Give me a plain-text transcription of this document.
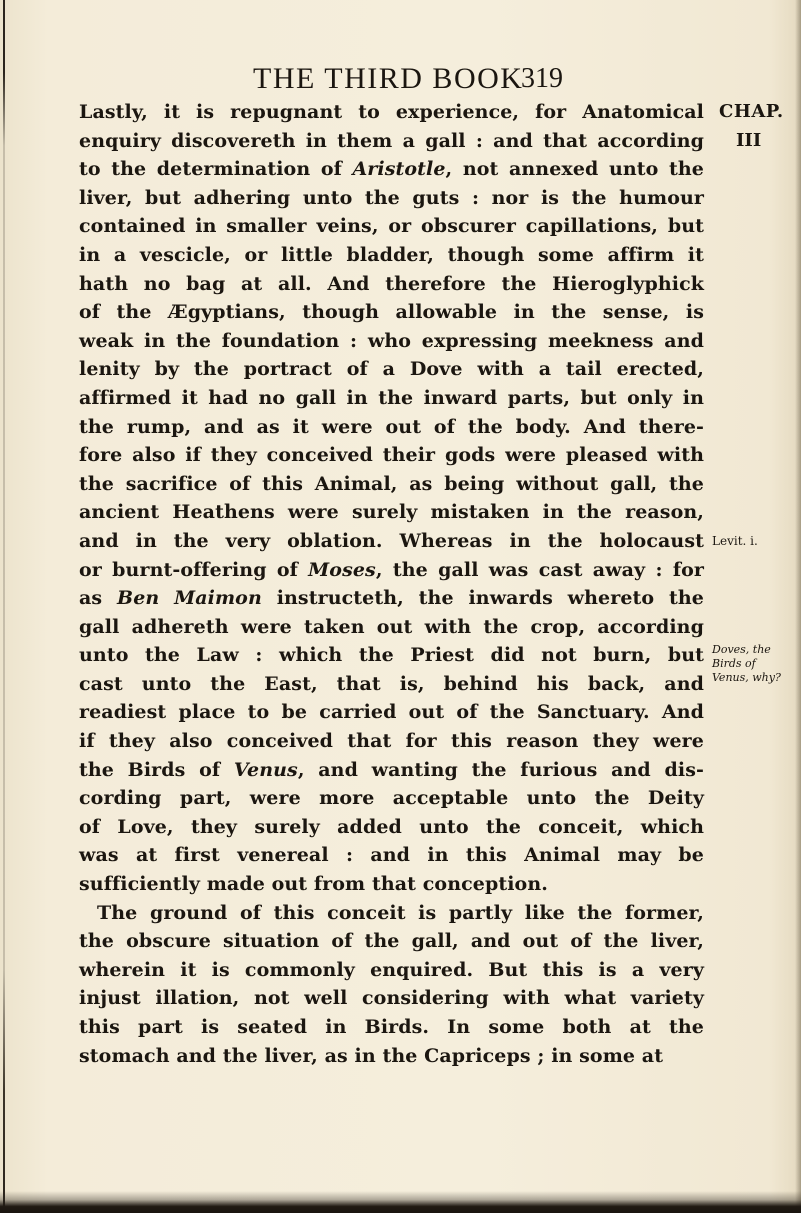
THE THIRD BOOK
319
Lastly, it is repugnant to experience, for Anatomical
enquiry discovereth in them a gall : and that according
to the determination of Aristotle, not annexed unto the
liver, but adhering unto the guts : nor is the humour
contained in smaller veins, or obscurer capillations, but
in a vescicle, or little bladder, though some affirm it
hath no bag at all. And therefore the Hieroglyphick
of the Ægyptians, though allowable in the sense, is
weak in the foundation : who expressing meekness and
lenity by the portract of a Dove with a tail erected,
affirmed it had no gall in the inward parts, but only in
the rump, and as it were out of the body. And there-
fore also if they conceived their gods were pleased with
the sacrifice of this Animal, as being without gall, the
ancient Heathens were surely mistaken in the reason,
and in the very oblation. Whereas in the holocaust
or burnt-offering of Moses, the gall was cast away : for
as Ben Maimon instructeth, the inwards whereto the
gall adhereth were taken out with the crop, according
unto the Law : which the Priest did not burn, but
cast unto the East, that is, behind his back, and
readiest place to be carried out of the Sanctuary. And
if they also conceived that for this reason they were
the Birds of Venus, and wanting the furious and dis-
cording part, were more acceptable unto the Deity
of Love, they surely added unto the conceit, which
was at first venereal : and in this Animal may be
sufficiently made out from that conception.
The ground of this conceit is partly like the former,
the obscure situation of the gall, and out of the liver,
wherein it is commonly enquired. But this is a very
injust illation, not well considering with what variety
this part is seated in Birds. In some both at the
stomach and the liver, as in the Capriceps ; in some at
CHAP.
III
Levit. i.
Doves, the
Birds of
Venus, why?
